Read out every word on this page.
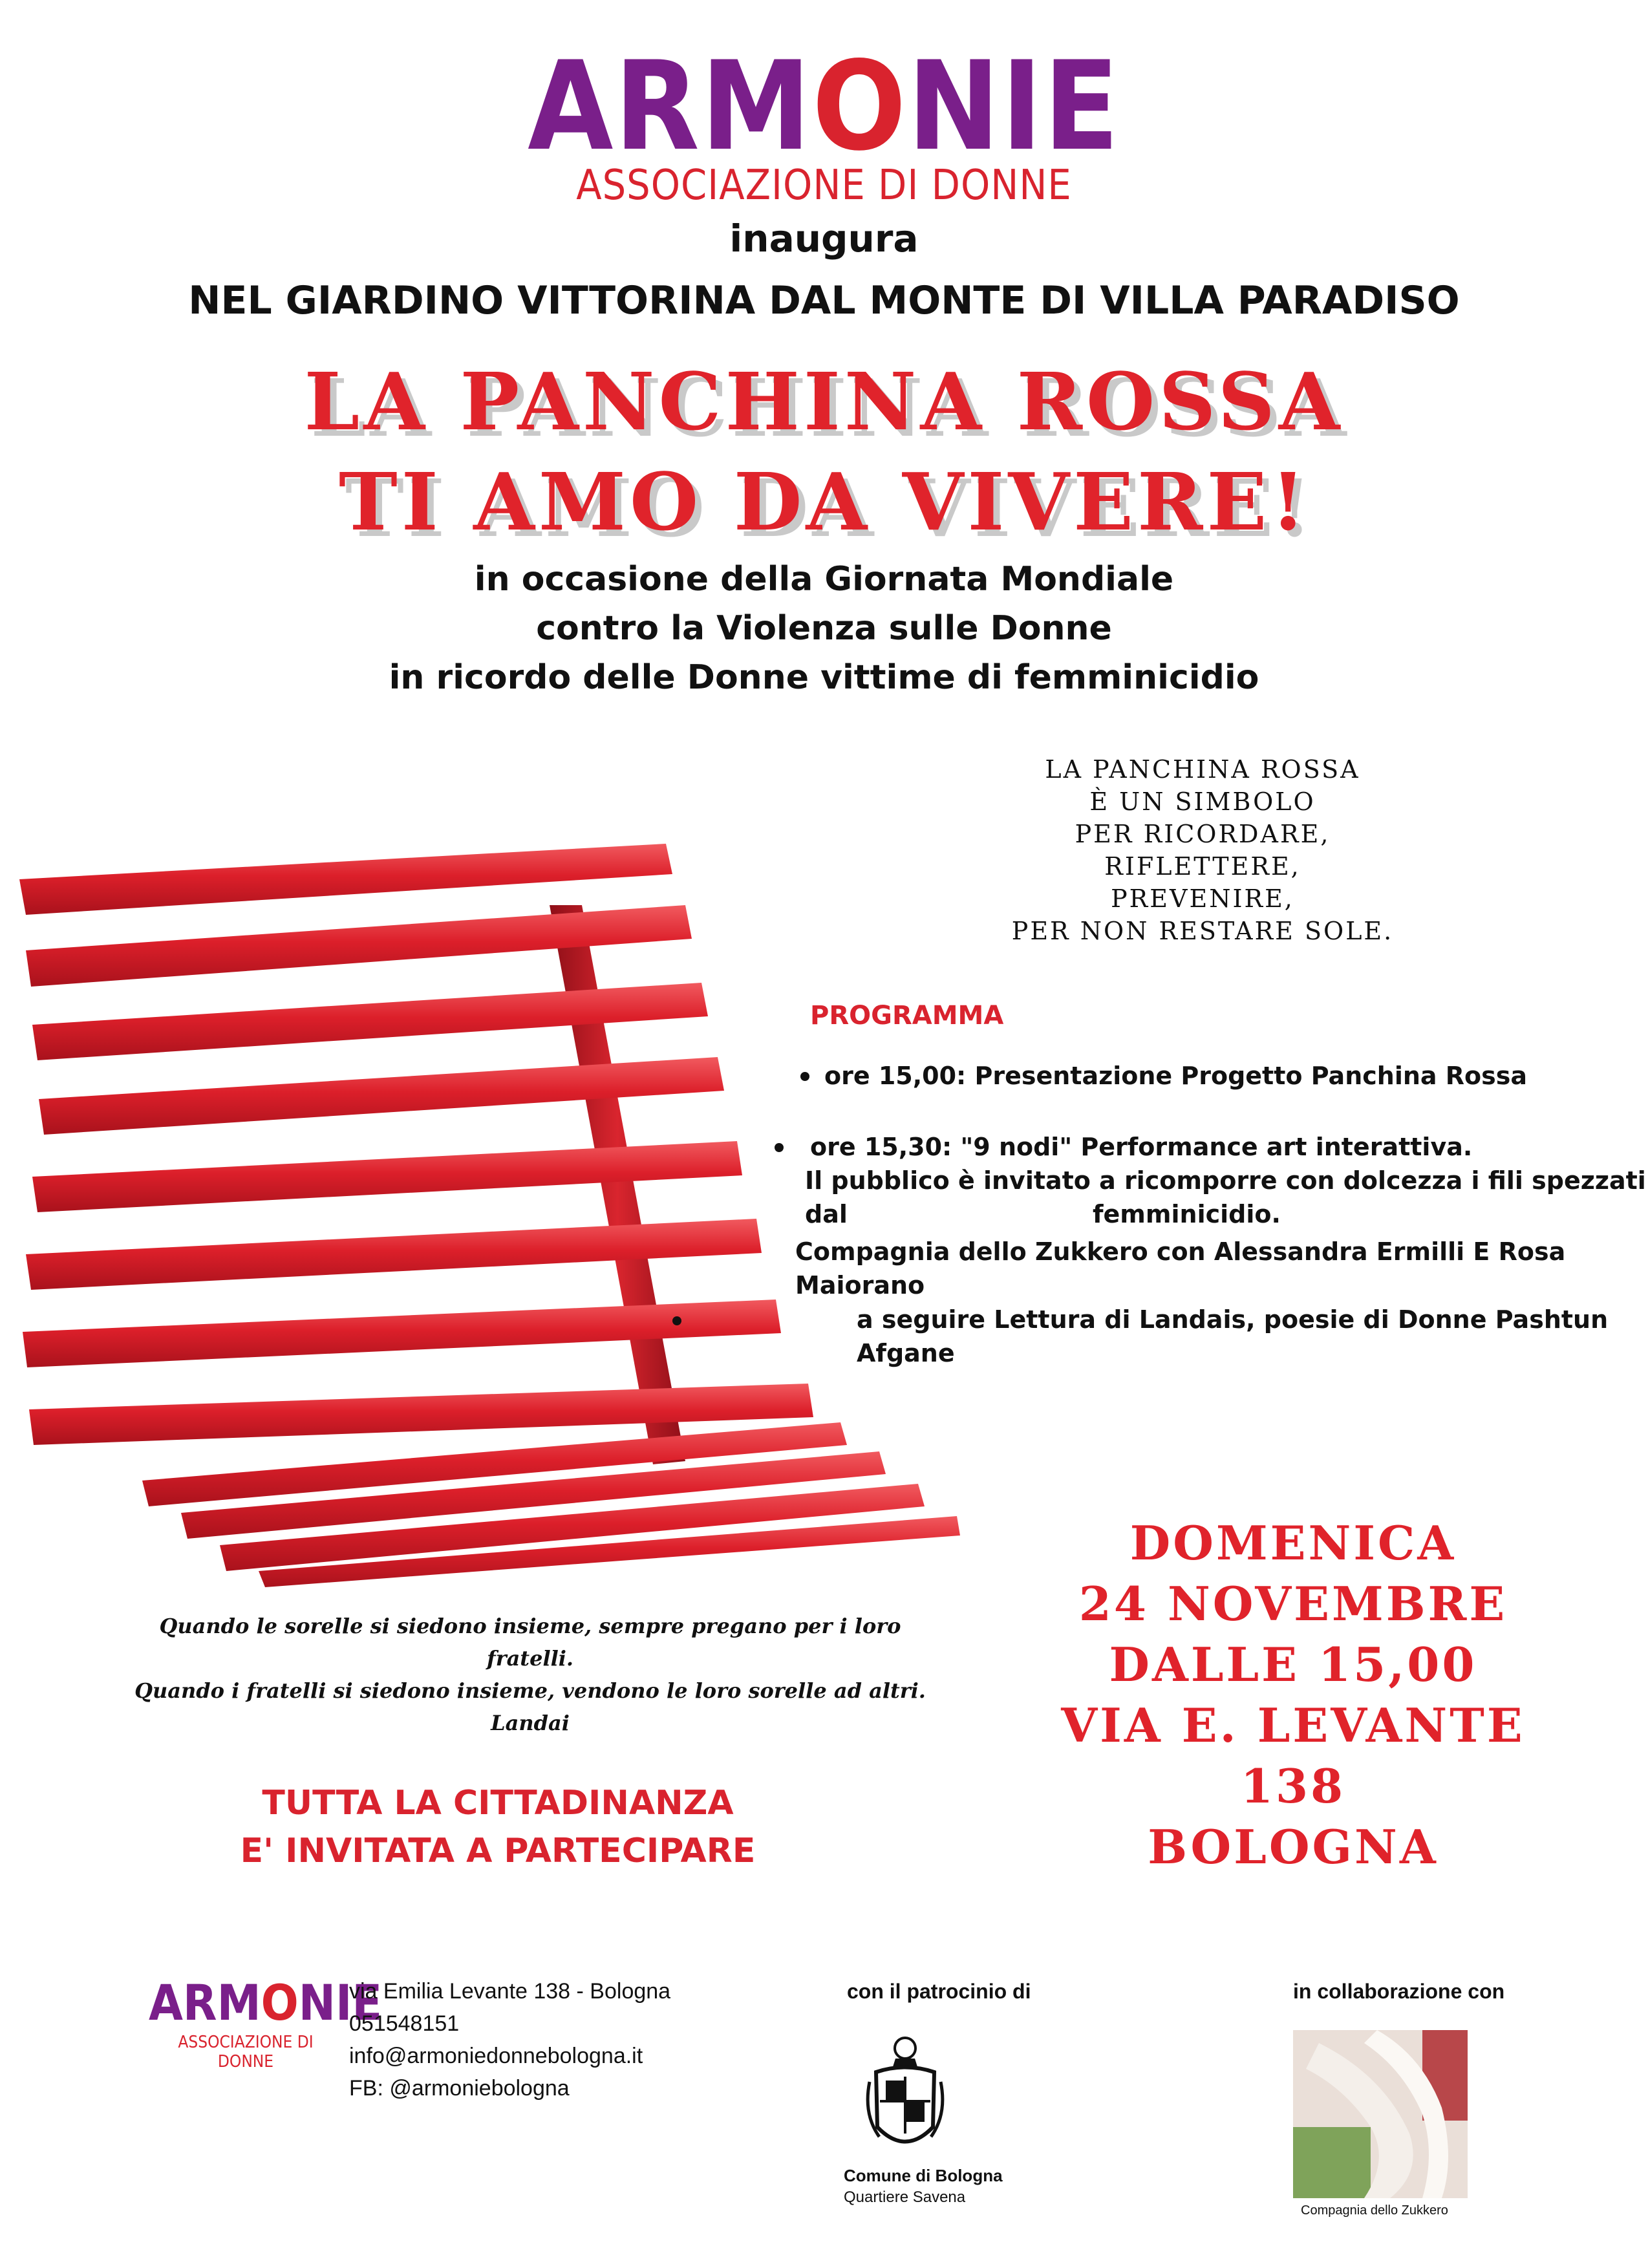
ARMONIE
ASSOCIAZIONE DI DONNE
inaugura
NEL GIARDINO VITTORINA DAL MONTE DI VILLA PARADISO
LA PANCHINA ROSSA
TI AMO DA VIVERE!
in occasione della Giornata Mondiale
contro la Violenza sulle Donne
in ricordo delle Donne vittime di femminicidio
LA PANCHINA ROSSA
È UN SIMBOLO
PER RICORDARE,
RIFLETTERE,
PREVENIRE,
PER NON RESTARE SOLE.
PROGRAMMA
ore 15,00: Presentazione Progetto Panchina Rossa
ore 15,30: "9 nodi" Performance art interattiva.
Il pubblico è invitato a ricomporre con dolcezza i fili spezzati dal	femminicidio.
Compagnia dello Zukkero con Alessandra Ermilli E Rosa Maiorano
a seguire Lettura di Landais, poesie di Donne Pashtun Afgane
Quando le sorelle si siedono insieme, sempre pregano per i loro fratelli.
Quando i fratelli si siedono insieme, vendono le loro sorelle ad altri.
Landai
TUTTA LA CITTADINANZA
E' INVITATA A PARTECIPARE
DOMENICA
24 NOVEMBRE
DALLE 15,00
VIA E. LEVANTE
138
BOLOGNA
ARMONIE
ASSOCIAZIONE DI DONNE
via Emilia Levante 138 - Bologna
051548151
info@armoniedonnebologna.it
FB: @armoniebologna
con il patrocinio di
Comune di Bologna
Quartiere Savena
in collaborazione con
Compagnia dello Zukkero
